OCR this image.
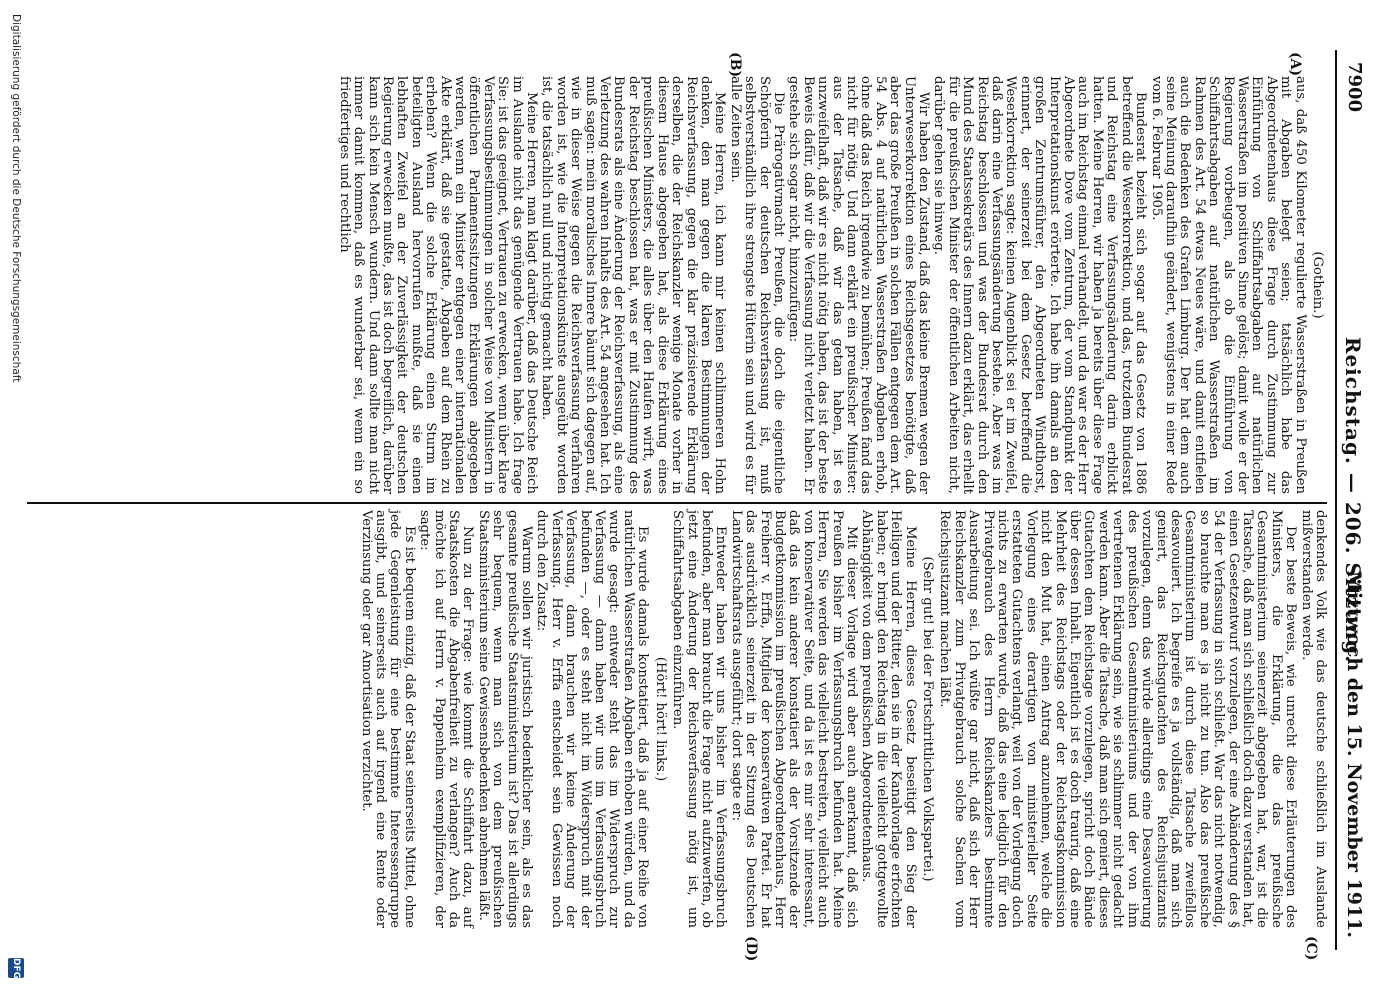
7900
Reichstag. — 206. Sitzung.
Mittwoch den 15. November 1911.
(A)
(B)
(C)
(D)

(Gothein.)

aus, daß 450 Kilometer regulierte Wasserstraßen in Preußen mit Abgaben belegt seien; tatsächlich habe das Abgeordnetenhaus diese Frage durch Zustimmung zur Einführung von Schiffahrtsabgaben auf natürlichen Wasserstraßen im positiven Sinne gelöst; damit wolle er der Regierung vorbeugen, als ob die Einführung von Schiffahrtsabgaben auf natürlichen Wasserstraßen im Rahmen des Art. 54 etwas Neues wäre, und damit entfielen auch die Bedenken des Grafen Limburg. Der hat dem auch seine Meinung daraufhin geändert, wenigstens in einer Rede vom 6. Februar 1905.

Bundesrat bezieht sich sogar auf das Gesetz von 1886 betreffend die Weserkorrektion, und das, trotzdem Bundesrat und Reichstag eine Verfassungsänderung darin erblickt hatten. Meine Herren, wir haben ja bereits über diese Frage auch im Reichstag einmal verhandelt, und da war es der Herr Abgeordnete Dove vom Zentrum, der vom Standpunkt der Interpretationskunst erörterte. Ich habe ihn damals an den großen Zentrumsführer, den Abgeordneten Windthorst, erinnert, der seinerzeit bei dem Gesetz betreffend die Weserkorrektion sagte: keinen Augenblick sei er im Zweifel, daß darin eine Verfassungsänderung bestehe. Aber was im Reichstag beschlossen und was der Bundesrat durch den Mund des Staatssekretärs des Innern dazu erklärt, das erhellt für die preußischen Minister der öffentlichen Arbeiten nicht, darüber gehen sie hinweg.

Wir haben den Zustand, daß das kleine Bremen wegen der Unterweserkorrektion eines Reichsgesetzes benötigte, daß aber das große Preußen in solchen Fällen entgegen dem Art. 54 Abs. 4 auf natürlichen Wasserstraßen Abgaben erhob, ohne daß das Reich irgendwie zu bemühen; Preußen fand das nicht für nötig. Und dann erklärt ein preußischer Minister: aus der Tatsache, daß wir das getan haben, ist es unzweifelhaft, daß wir es nicht nötig haben, das ist der beste Beweis dafür, daß wir die Verfassung nicht verletzt haben. Er gestehe sich sogar nicht, hinzuzufügen:

Die Prärogativmacht Preußen, die doch die eigentliche Schöpferin der deutschen Reichsverfassung ist, muß selbstverständlich ihre strengste Hüterin sein und wird es für alle Zeiten sein.

Meine Herren, ich kann mir keinen schlimmeren Hohn denken, den man gegen die klaren Bestimmungen der Reichsverfassung, gegen die klar präzisierende Erklärung derselben, die der Reichskanzler wenige Monate vorher in diesem Hause abgegeben hat, als diese Erklärung eines preußischen Ministers, die alles über den Haufen wirft, was der Reichstag beschlossen hat, was er mit Zustimmung des Bundesrats als eine Änderung der Reichsverfassung, als eine Verletzung des wahren Inhalts des Art. 54 angesehen hat. Ich muß sagen: mein moralisches Innere bäumt sich dagegen auf, wie in dieser Weise gegen die Reichsverfassung verfahren worden ist, wie die Interpretationskünste ausgeübt worden ist, die tatsächlich null und nichtig gemacht haben.

Meine Herren, man klagt darüber, daß das Deutsche Reich im Auslande nicht das genügende Vertrauen habe. Ich frage Sie: ist das geeignet, Vertrauen zu erwecken, wenn über klare Verfassungsbestimmungen in solcher Weise von Ministern in öffentlichen Parlamentssitzungen Erklärungen abgegeben werden, wenn ein Minister entgegen einer internationalen Akte erklärt, daß sie gestatte, Abgaben auf dem Rhein zu erheben? Wenn die solche Erklärung einen Sturm im beteiligten Ausland hervorrufen mußte, daß sie einen lebhaften Zweifel an der Zuverlässigkeit der deutschen Regierung erwecken mußte, das ist doch begreiflich, darüber kann sich kein Mensch wundern. Und dann sollte man nicht immer damit kommen, daß es wunderbar sei, wenn ein so friedfertiges und rechtlich

denkendes Volk wie das deutsche schließlich im Auslande mißverstanden werde.

Der beste Beweis, wie unrecht diese Erläuterungen des Ministers, die Erklärung, die das preußische Gesamtministerium seinerzeit abgegeben hat, war, ist die Tatsache, daß man sich schließlich doch dazu verstanden hat, einen Gesetzentwurf vorzulegen, der eine Abänderung des § 54 der Verfassung in sich schließt. War das nicht notwendig, so brauchte man es ja nicht zu tun. Also das preußische Gesamtministerium ist durch diese Tatsache zweifellos desavouiert. Ich begreife es ja vollständig, daß man sich geniert, das Reichsgutachten des Reichsjustizamts vorzulegen, denn das würde allerdings eine Desavouierung des preußischen Gesamtministeriums und der von ihm vertretenen Erklärung sein, wie sie schlimmer nicht gedacht werden kann. Aber die Tatsache, daß man sich geniert, dieses Gutachten dem Reichstage vorzulegen, spricht doch Bände über dessen Inhalt. Eigentlich ist es doch traurig, daß eine Mehrheit des Reichstags oder der Reichstagskommission nicht den Mut hat, einen Antrag anzunehmen, welche die Vorlegung eines derartigen von ministerieller Seite erstatteten Gutachtens verlangt, weil von der Vorlegung doch nichts zu erwarten wurde, daß das eine lediglich für den Privatgebrauch des Herrn Reichskanzlers bestimmte Ausarbeitung sei. Ich wüßte gar nicht, daß sich der Herr Reichskanzler zum Privatgebrauch solche Sachen vom Reichsjustizamt machen läßt.

(Sehr gut! bei der Fortschrittlichen Volkspartei.)

Meine Herren, dieses Gesetz beseitigt den Sieg der Heiligen und der Ritter, den sie in der Kanalvorlage erfochten haben; er bringt den Reichstag in die vielleicht gottgewollte Abhängigkeit von dem preußischen Abgeordnetenhaus.

Mit dieser Vorlage wird aber auch anerkannt, daß sich Preußen bisher im Verfassungsbruch befunden hat. Meine Herren, Sie werden das vielleicht bestreiten, vielleicht auch von konservativer Seite, und da ist es mir sehr interessant, daß das kein anderer konstatiert als der Vorsitzende der Budgetkommission im preußischen Abgeordnetenhaus, Herr Freiherr v. Erffa, Mitglied der konservativen Partei. Er hat das ausdrücklich seinerzeit in der Sitzung des Deutschen Landwirtschaftsrats ausgeführt; dort sagte er:

Entweder haben wir uns bisher im Verfassungsbruch befunden, aber man braucht die Frage nicht aufzuwerfen, ob jetzt eine Änderung der Reichsverfassung nötig ist, um Schiffahrtsabgaben einzuführen.

(Hört! hört! links.)

Es wurde damals konstatiert, daß ja auf einer Reihe von natürlichen Wasserstraßen Abgaben erhoben würden, und da wurde gesagt: entweder steht das im Widerspruch zur Verfassung — dann haben wir uns im Verfassungsbruch befunden —, oder es steht nicht im Widerspruch mit der Verfassung, dann brauchen wir keine Änderung der Verfassung. Herr v. Erffa entscheidet sein Gewissen noch durch den Zusatz:

Warum sollen wir juristisch bedenklicher sein, als es das gesamte preußische Staatsministerium ist? Das ist allerdings sehr bequem, wenn man sich von dem preußischen Staatsministerium seine Gewissensbedenken abnehmen läßt.

Nun zu der Frage: wie kommt die Schiffahrt dazu, auf Staatskosten die Abgabenfreiheit zu verlangen? Auch da möchte ich auf Herrn v. Pappenheim exemplifizieren, der sagte:

Es ist bequem einzig, daß der Staat seinerseits Mittel, ohne jede Gegenleistung für eine bestimmte Interessengruppe ausgibt, und seinerseits auch auf irgend eine Rente oder Verzinsung oder gar Amortisation verzichtet.

Digitalisierung gefördert durch die Deutsche Forschungsgemeinschaft
DFG
